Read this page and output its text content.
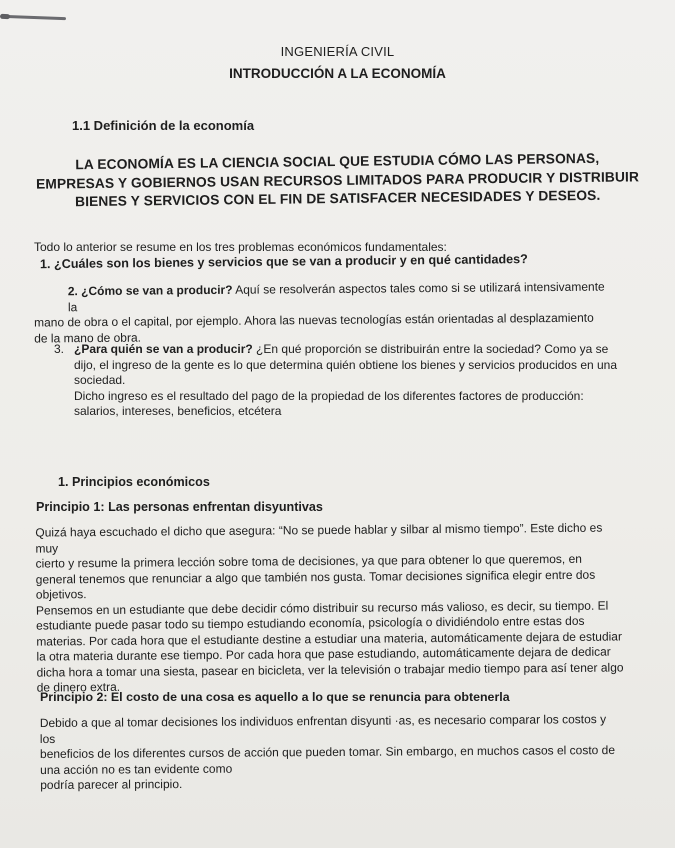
INGENIERÍA CIVIL

INTRODUCCIÓN A LA ECONOMÍA

1.1 Definición de la economía

LA ECONOMÍA ES LA CIENCIA SOCIAL QUE ESTUDIA CÓMO LAS PERSONAS,
EMPRESAS Y GOBIERNOS USAN RECURSOS LIMITADOS PARA PRODUCIR Y DISTRIBUIR
BIENES Y SERVICIOS CON EL FIN DE SATISFACER NECESIDADES Y DESEOS.

Todo lo anterior se resume en los tres problemas económicos fundamentales:

1. ¿Cuáles son los bienes y servicios que se van a producir y en qué cantidades?

2. ¿Cómo se van a producir? Aquí se resolverán aspectos tales como si se utilizará intensivamente la
mano de obra o el capital, por ejemplo. Ahora las nuevas tecnologías están orientadas al desplazamiento
de la mano de obra.
3. ¿Para quién se van a producir? ¿En qué proporción se distribuirán entre la sociedad? Como ya se
dijo, el ingreso de la gente es lo que determina quién obtiene los bienes y servicios producidos en una
sociedad.
Dicho ingreso es el resultado del pago de la propiedad de los diferentes factores de producción:
salarios, intereses, beneficios, etcétera

1. Principios económicos

Principio 1: Las personas enfrentan disyuntivas

Quizá haya escuchado el dicho que asegura: “No se puede hablar y silbar al mismo tiempo”. Este dicho es muy
cierto y resume la primera lección sobre toma de decisiones, ya que para obtener lo que queremos, en
general tenemos que renunciar a algo que también nos gusta. Tomar decisiones significa elegir entre dos
objetivos.
Pensemos en un estudiante que debe decidir cómo distribuir su recurso más valioso, es decir, su tiempo. El
estudiante puede pasar todo su tiempo estudiando economía, psicología o dividiéndolo entre estas dos
materias. Por cada hora que el estudiante destine a estudiar una materia, automáticamente dejara de estudiar
la otra materia durante ese tiempo. Por cada hora que pase estudiando, automáticamente dejara de dedicar
dicha hora a tomar una siesta, pasear en bicicleta, ver la televisión o trabajar medio tiempo para así tener algo
de dinero extra.

Principio 2: El costo de una cosa es aquello a lo que se renuncia para obtenerla

Debido a que al tomar decisiones los individuos enfrentan disyunti ·as, es necesario comparar los costos y los
beneficios de los diferentes cursos de acción que pueden tomar. Sin embargo, en muchos casos el costo de
una acción no es tan evidente como
podría parecer al principio.
